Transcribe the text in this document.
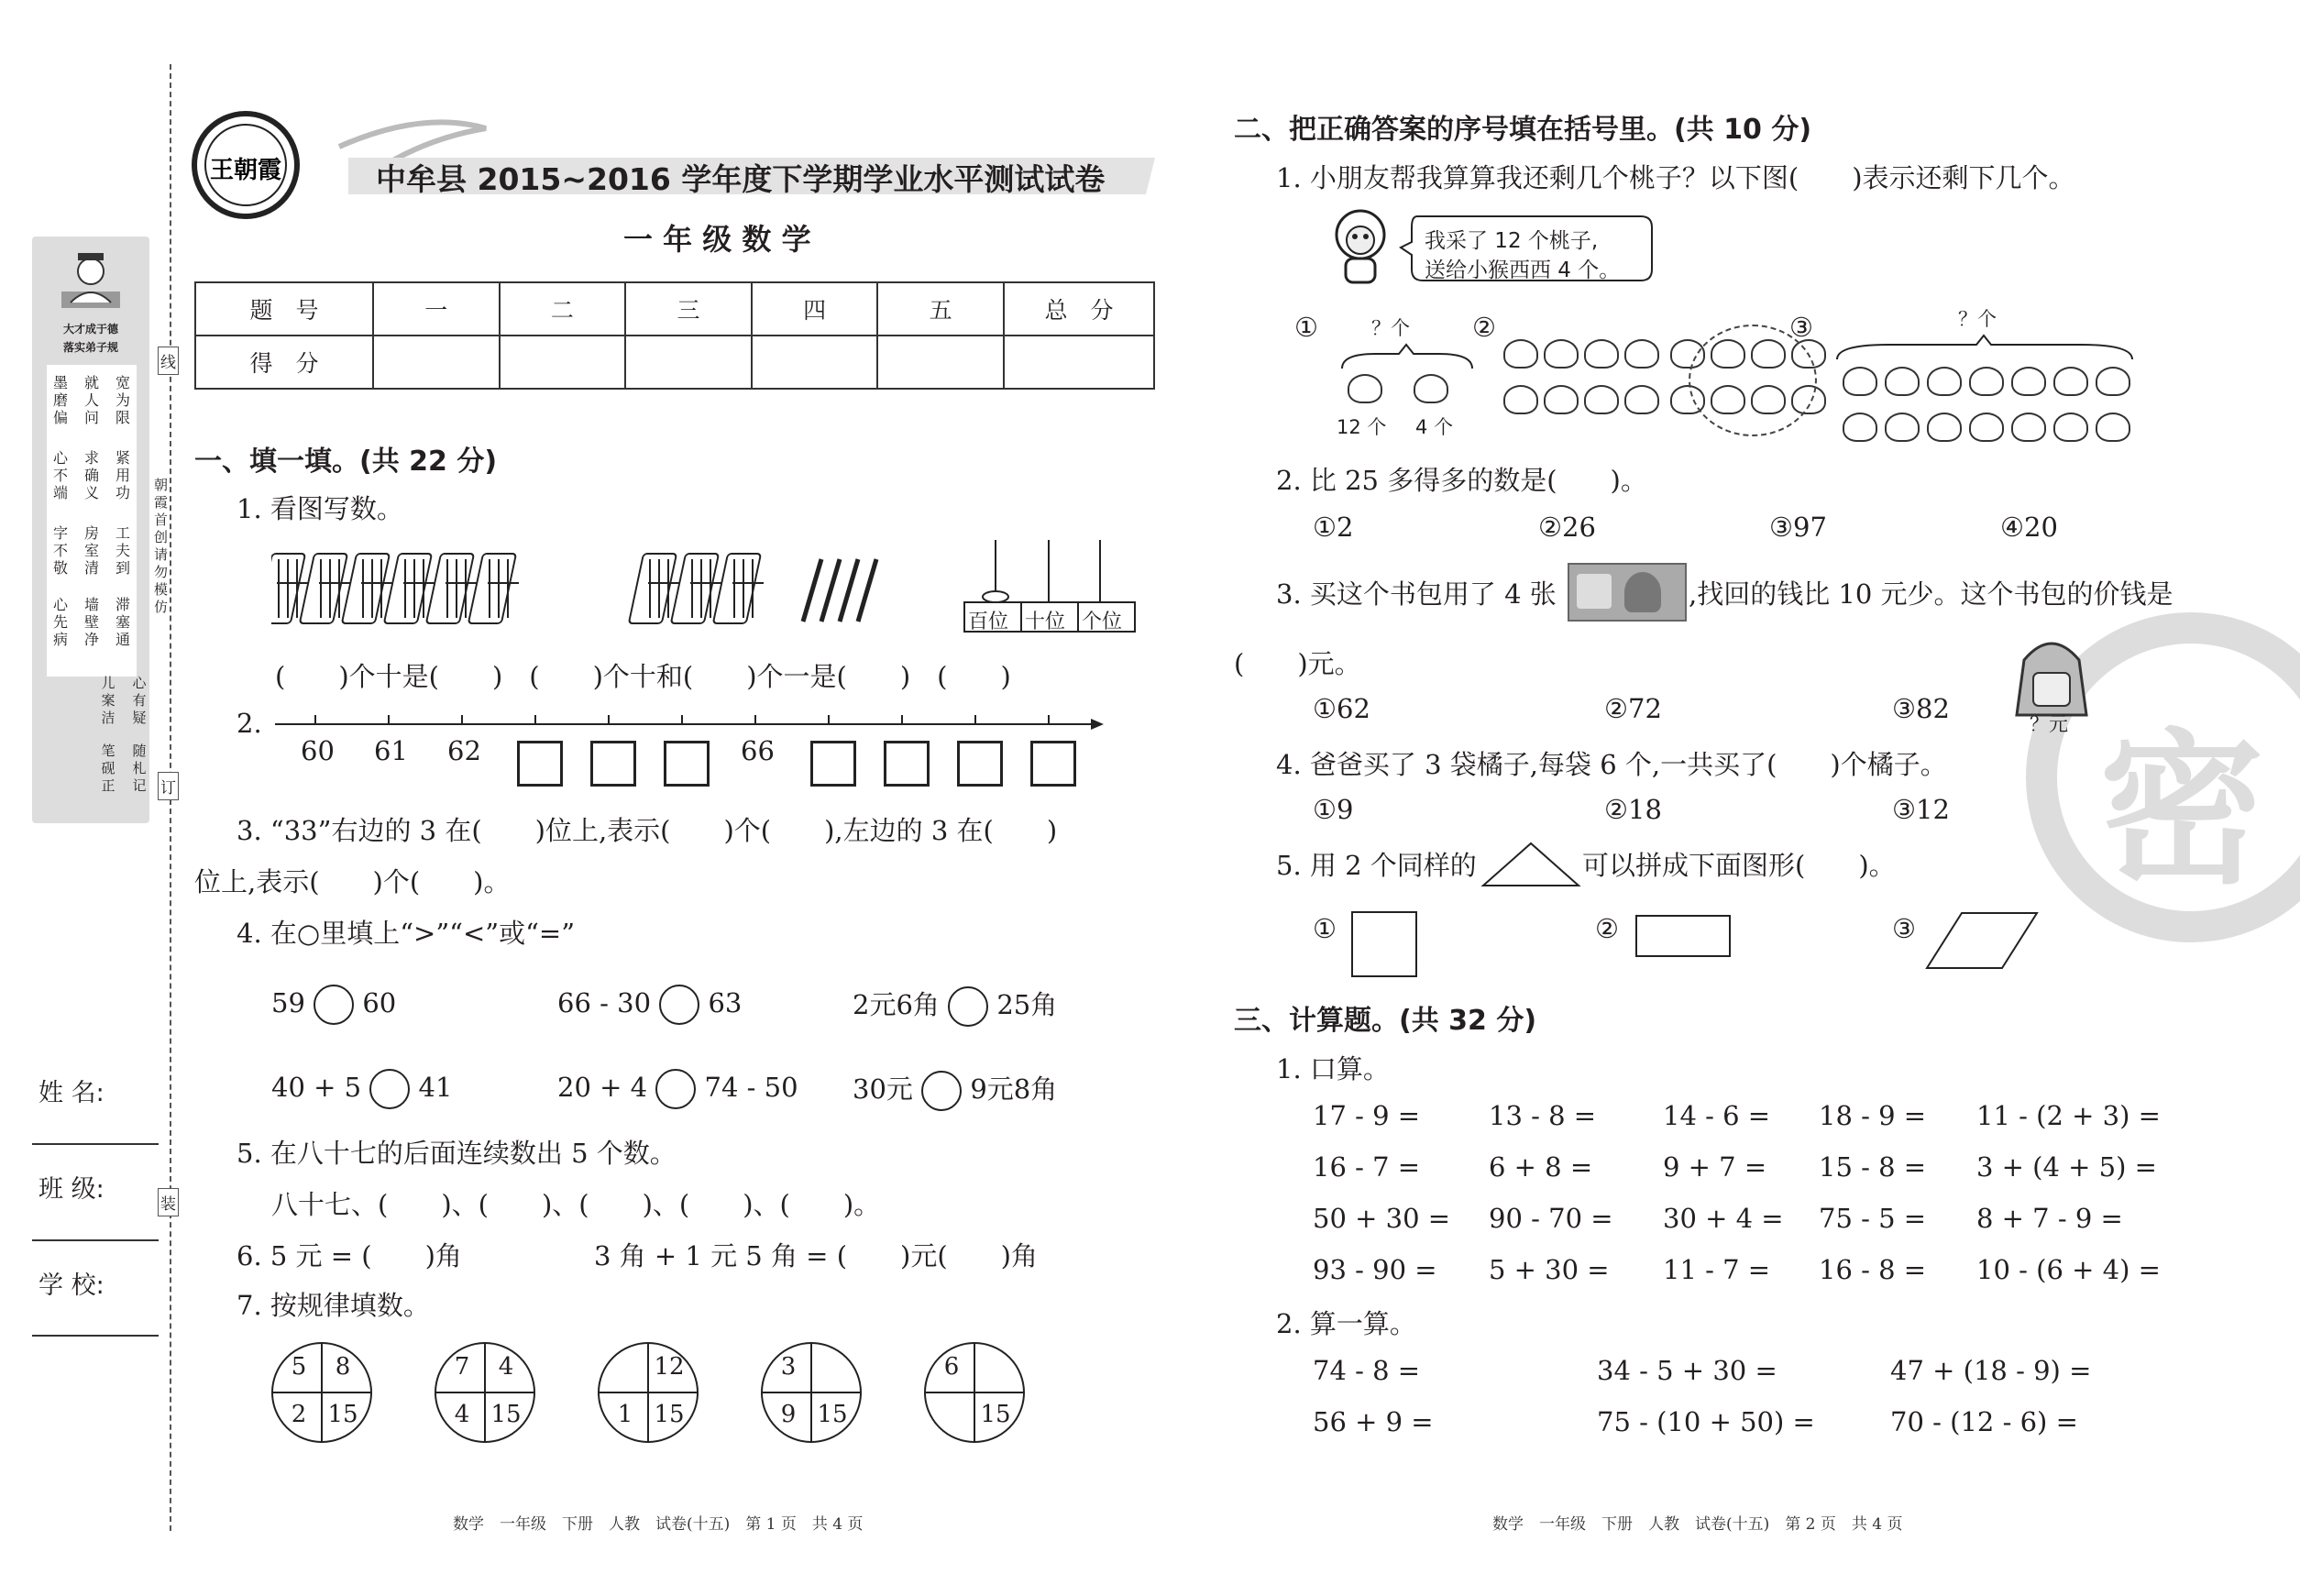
大才成于德
落实弟子规
宽为限
紧用功
工夫到
滞塞通
就人问
求确义
房室清
墙壁净
墨磨偏
心不端
字不敬
心先病
心有疑
随札记
儿案洁
笔砚正
线
订
装
朝霞首创 请勿模仿
姓 名:
班 级:
学 校:
王朝霞	中牟县 2015~2016 学年度下学期学业水平测试试卷
一 年 级 数 学
题　号	一	二	三	四	五	总　分
得　分						
一、填一填。(共 22 分)
1. 看图写数。
百位 十位 个位
(　　)个十是(　　)　(　　)个十和(　　)个一是(　　)　(　　)
2.
60 61 62	66
3. “33”右边的 3 在(　　)位上,表示(　　)个(　　),左边的 3 在(　　)
位上,表示(　　)个(　　)。
4. 在○里填上“>”“<”或“=”
59 60	66 - 30 63	2元6角 25角
40 + 5 41	20 + 4 74 - 50 30元 9元8角
5. 在八十七的后面连续数出 5 个数。
八十七、(　　)、(　　)、(　　)、(　　)、(　　)。
6. 5 元 = (　　)角	3 角 + 1 元 5 角 = (　　)元(　　)角
7. 按规律填数。
5	8
2 15
7	4
4 15
12
1 15
3
9 15
6
15
数学　一年级　下册　人教　试卷(十五)　第 1 页　共 4 页
密
二、把正确答案的序号填在括号里。(共 10 分)
1. 小朋友帮我算算我还剩几个桃子？以下图(　　)表示还剩下几个。
我采了 12 个桃子,
送给小猴西西 4 个。
①	？个
12 个 4 个
②	③	？个
2. 比 25 多得多的数是(　　)。
①2	②26	③97	④20
3. 买这个书包用了 4 张	,找回的钱比 10 元少。这个书包的价钱是
(　　)元。
？元
①62	②72	③82
4. 爸爸买了 3 袋橘子,每袋 6 个,一共买了(　　)个橘子。
①9	②18	③12
5. 用 2 个同样的	可以拼成下面图形(　　)。
①	②	③
三、计算题。(共 32 分)
1. 口算。
17 - 9 =	13 - 8 =	14 - 6 = 18 - 9 = 11 - (2 + 3) =
16 - 7 =	6 + 8 =	9 + 7 = 15 - 8 = 3 + (4 + 5) =
50 + 30 = 90 - 70 = 30 + 4 = 75 - 5 = 8 + 7 - 9 =
93 - 90 = 5 + 30 = 11 - 7 = 16 - 8 = 10 - (6 + 4) =
2. 算一算。
74 - 8 =	34 - 5 + 30 =	47 + (18 - 9) =
56 + 9 =	75 - (10 + 50) =	70 - (12 - 6) =
数学　一年级　下册　人教　试卷(十五)　第 2 页　共 4 页
